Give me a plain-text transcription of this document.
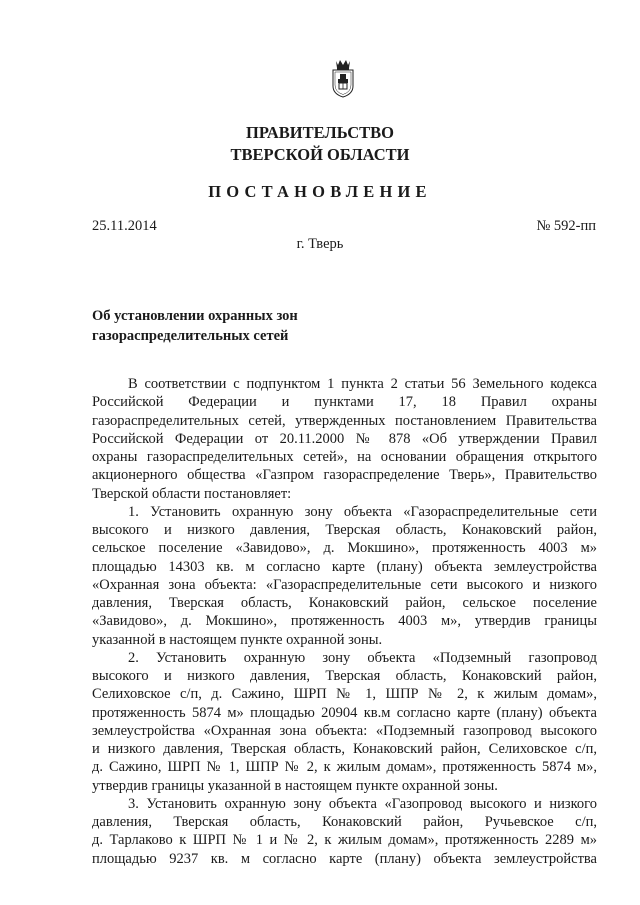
ПРАВИТЕЛЬСТВО
ТВЕРСКОЙ ОБЛАСТИ
ПОСТАНОВЛЕНИЕ
25.11.2014	№ 592-пп
г. Тверь
Об установлении охранных зон
газораспределительных сетей
В соответствии с подпунктом 1 пункта 2 статьи 56 Земельного кодекса
Российской Федерации и пунктами 17, 18 Правил охраны
газораспределительных сетей, утвержденных постановлением Правительства
Российской Федерации от 20.11.2000 № 878 «Об утверждении Правил
охраны газораспределительных сетей», на основании обращения открытого
акционерного общества «Газпром газораспределение Тверь», Правительство
Тверской области постановляет:
1. Установить охранную зону объекта «Газораспределительные сети
высокого и низкого давления, Тверская область, Конаковский район,
сельское поселение «Завидово», д. Мокшино», протяженность 4003 м»
площадью 14303 кв. м согласно карте (плану) объекта землеустройства
«Охранная зона объекта: «Газораспределительные сети высокого и низкого
давления, Тверская область, Конаковский район, сельское поселение
«Завидово», д. Мокшино», протяженность 4003 м», утвердив границы
указанной в настоящем пункте охранной зоны.
2. Установить охранную зону объекта «Подземный газопровод
высокого и низкого давления, Тверская область, Конаковский район,
Селиховское с/п, д. Сажино, ШРП № 1, ШПР № 2, к жилым домам»,
протяженность 5874 м» площадью 20904 кв.м согласно карте (плану) объекта
землеустройства «Охранная зона объекта: «Подземный газопровод высокого
и низкого давления, Тверская область, Конаковский район, Селиховское с/п,
д. Сажино, ШРП № 1, ШПР № 2, к жилым домам», протяженность 5874 м»,
утвердив границы указанной в настоящем пункте охранной зоны.
3. Установить охранную зону объекта «Газопровод высокого и низкого
давления, Тверская область, Конаковский район, Ручьевское с/п,
д. Тарлаково к ШРП № 1 и № 2, к жилым домам», протяженность 2289 м»
площадью 9237 кв. м согласно карте (плану) объекта землеустройства
